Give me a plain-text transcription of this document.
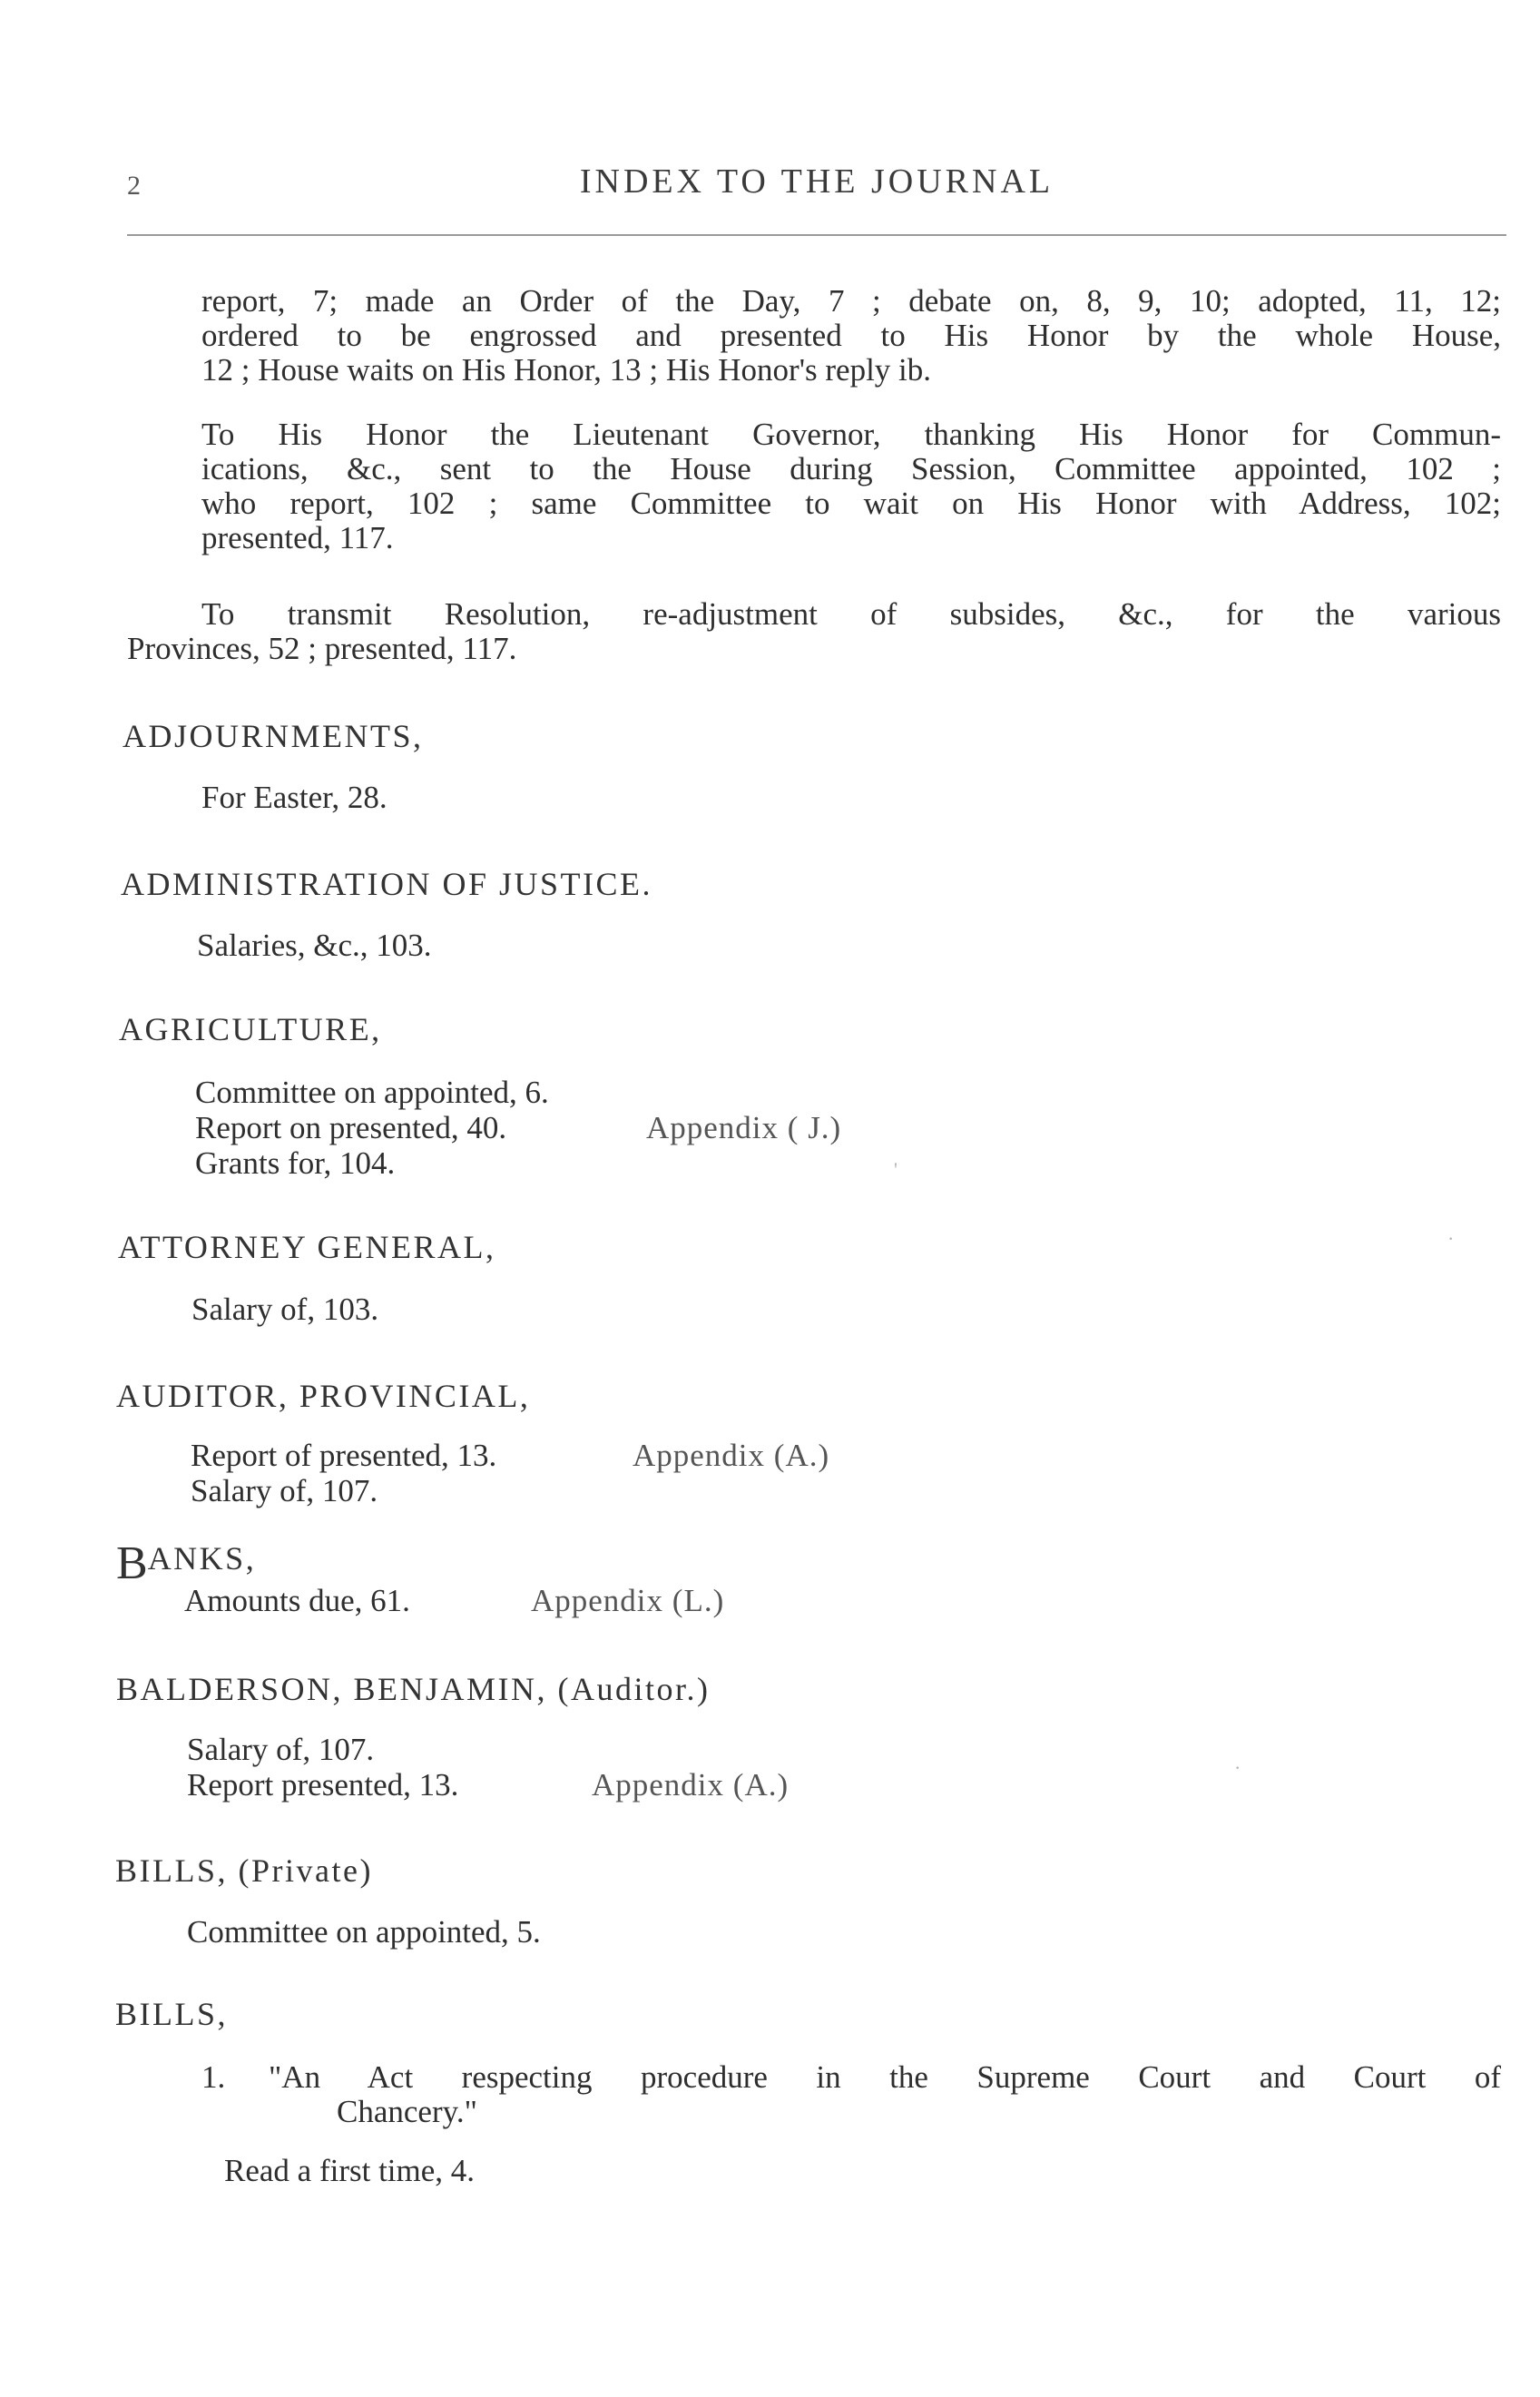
2	INDEX TO THE JOURNAL
report, 7; made an Order of the Day, 7 ; debate on, 8, 9, 10; adopted, 11, 12;
ordered to be engrossed and presented to His Honor by the whole House,
12 ; House waits on His Honor, 13 ; His Honor's reply ib.
To His Honor the Lieutenant Governor, thanking His Honor for Commun-
ications, &c., sent to the House during Session, Committee appointed, 102 ;
who report, 102 ; same Committee to wait on His Honor with Address, 102;
presented, 117.
To transmit Resolution, re-adjustment of subsides, &c., for the various
Provinces, 52 ; presented, 117.
ADJOURNMENTS,
For Easter, 28.
ADMINISTRATION OF JUSTICE.
Salaries, &c., 103.
AGRICULTURE,
Committee on appointed, 6.
Report on presented, 40.	Appendix ( J.)
Grants for, 104.
ATTORNEY GENERAL,
Salary of, 103.
AUDITOR, PROVINCIAL,
Report of presented, 13.	Appendix (A.)
Salary of, 107.
BANKS,
Amounts due, 61.	Appendix (L.)
BALDERSON, BENJAMIN, (Auditor.)
Salary of, 107.
Report presented, 13.	Appendix (A.)
BILLS, (Private)
Committee on appointed, 5.
BILLS,
1. "An Act respecting procedure in the Supreme Court and Court of
Chancery."
Read a first time, 4.
·
'
·
